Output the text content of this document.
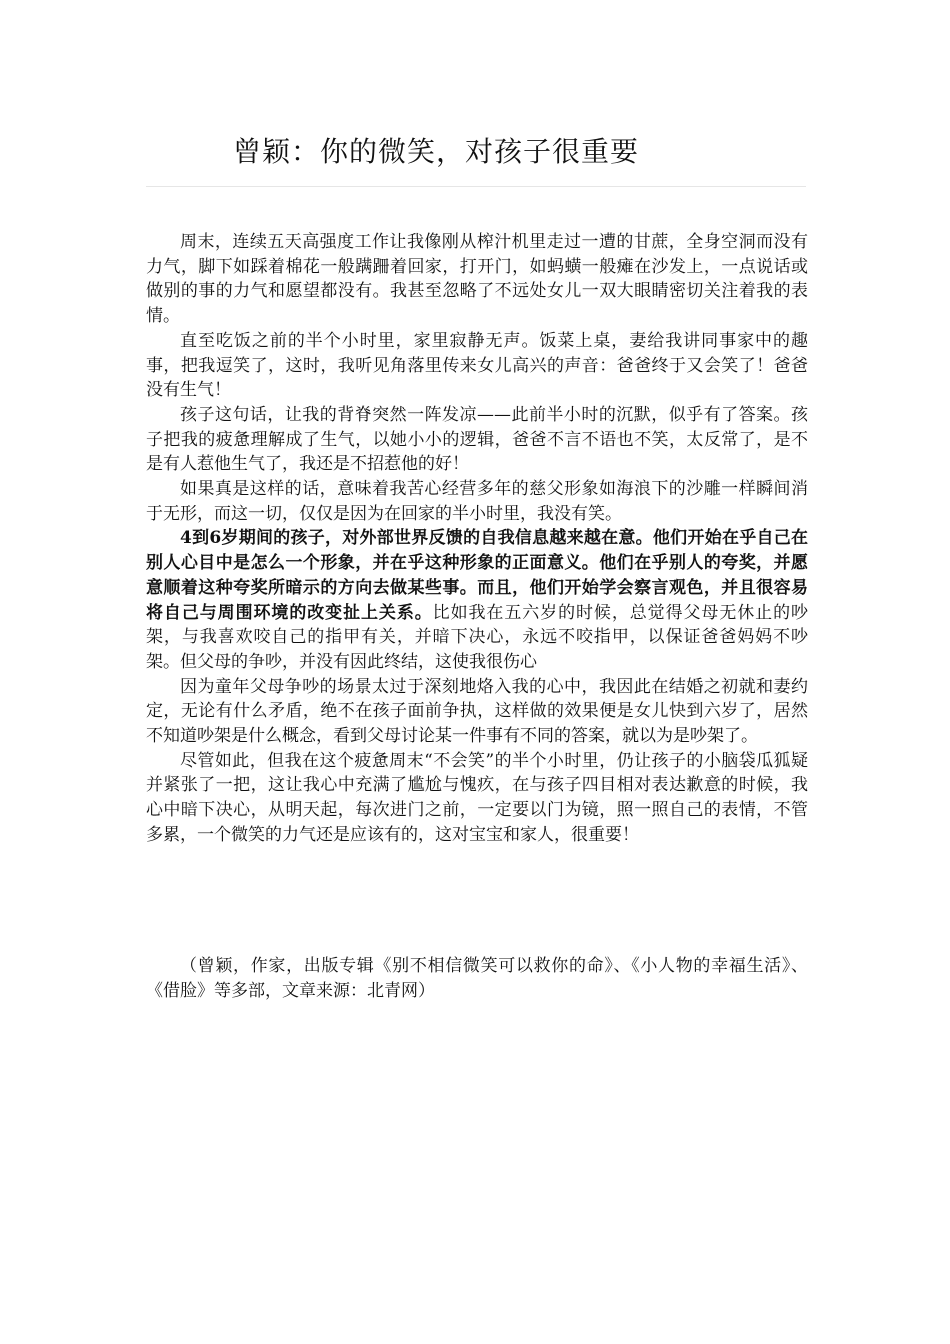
曾颖：你的微笑，对孩子很重要

周末，连续五天高强度工作让我像刚从榨汁机里走过一遭的甘蔗，全身空洞而没有力气，脚下如踩着棉花一般蹒跚着回家，打开门，如蚂蟥一般瘫在沙发上，一点说话或做别的事的力气和愿望都没有。我甚至忽略了不远处女儿一双大眼睛密切关注着我的表情。

直至吃饭之前的半个小时里，家里寂静无声。饭菜上桌，妻给我讲同事家中的趣事，把我逗笑了，这时，我听见角落里传来女儿高兴的声音：爸爸终于又会笑了！爸爸没有生气！

孩子这句话，让我的背脊突然一阵发凉——此前半小时的沉默，似乎有了答案。孩子把我的疲惫理解成了生气，以她小小的逻辑，爸爸不言不语也不笑，太反常了，是不是有人惹他生气了，我还是不招惹他的好！

如果真是这样的话，意味着我苦心经营多年的慈父形象如海浪下的沙雕一样瞬间消于无形，而这一切，仅仅是因为在回家的半小时里，我没有笑。

4到6岁期间的孩子，对外部世界反馈的自我信息越来越在意。他们开始在乎自己在别人心目中是怎么一个形象，并在乎这种形象的正面意义。他们在乎别人的夸奖，并愿意顺着这种夸奖所暗示的方向去做某些事。而且，他们开始学会察言观色，并且很容易将自己与周围环境的改变扯上关系。比如我在五六岁的时候，总觉得父母无休止的吵架，与我喜欢咬自己的指甲有关，并暗下决心，永远不咬指甲，以保证爸爸妈妈不吵架。但父母的争吵，并没有因此终结，这使我很伤心

因为童年父母争吵的场景太过于深刻地烙入我的心中，我因此在结婚之初就和妻约定，无论有什么矛盾，绝不在孩子面前争执，这样做的效果便是女儿快到六岁了，居然不知道吵架是什么概念，看到父母讨论某一件事有不同的答案，就以为是吵架了。

尽管如此，但我在这个疲惫周末“不会笑”的半个小时里，仍让孩子的小脑袋瓜狐疑并紧张了一把，这让我心中充满了尴尬与愧疚，在与孩子四目相对表达歉意的时候，我心中暗下决心，从明天起，每次进门之前，一定要以门为镜，照一照自己的表情，不管多累，一个微笑的力气还是应该有的，这对宝宝和家人，很重要！

（曾颖，作家，出版专辑《别不相信微笑可以救你的命》、《小人物的幸福生活》、《借脸》等多部，文章来源：北青网）
